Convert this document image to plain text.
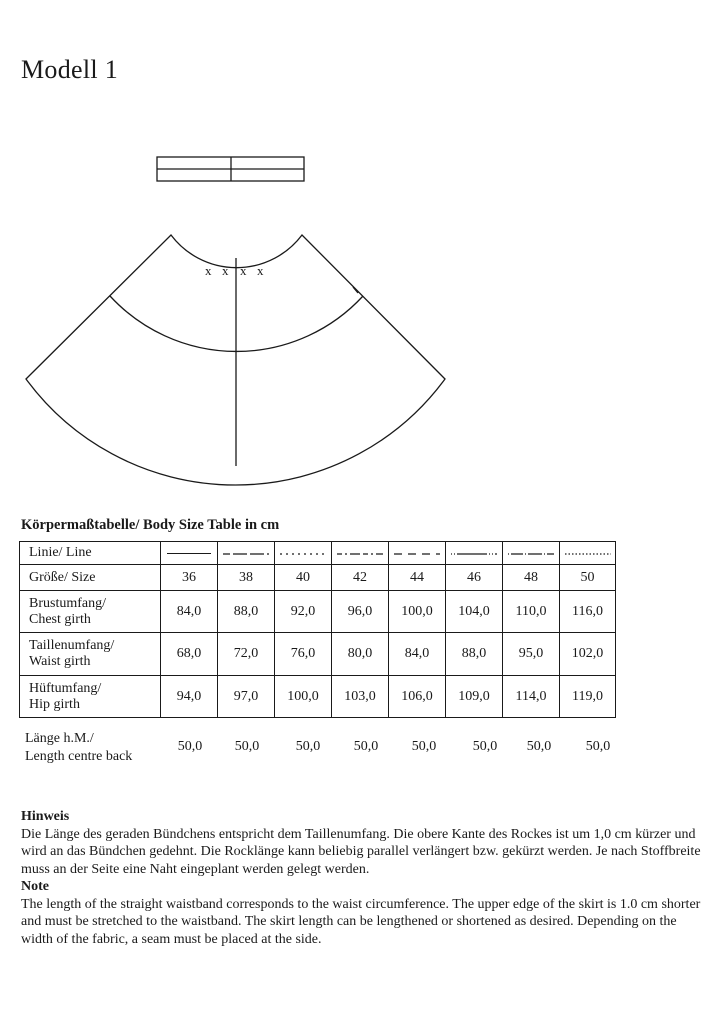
Modell 1
x x x x
Körpermaßtabelle/ Body Size Table in cm
Linie/ Line	

Größe/ Size	36	38	40	42	44	46	48	50
Brustumfang/
Chest girth	84,0	88,0	92,0	96,0	100,0	104,0	110,0	116,0
Taillenumfang/
Waist girth	68,0	72,0	76,0	80,0	84,0	88,0	95,0	102,0
Hüftumfang/
Hip girth	94,0	97,0	100,0	103,0	106,0	109,0	114,0	119,0
Länge h.M./
Length centre back
50,0	50,0	50,0	50,0	50,0	50,0	50,0	50,0

Hinweis

Die Länge des geraden Bündchens entspricht dem Taillenumfang. Die obere Kante des Rockes ist um 1,0 cm kürzer und wird an das Bündchen gedehnt. Die Rocklänge kann beliebig parallel verlängert bzw. gekürzt werden. Je nach Stoffbreite muss an der Seite eine Naht eingeplant werden gelegt werden.

Note

The length of the straight waistband corresponds to the waist circumference. The upper edge of the skirt is 1.0 cm shorter and must be stretched to the waistband. The skirt length can be lengthened or shortened as desired. Depending on the width of the fabric, a seam must be placed at the side.
